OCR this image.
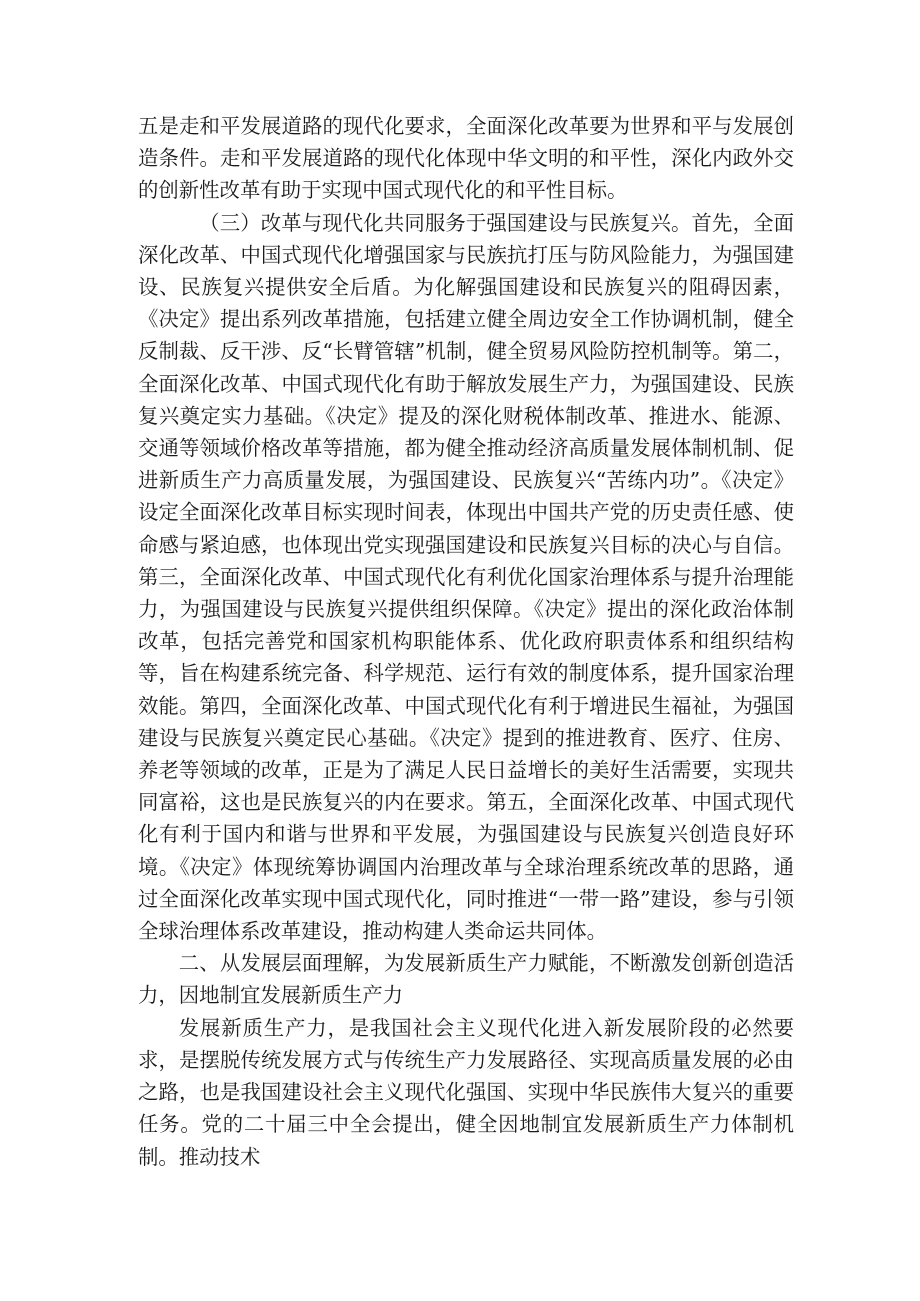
五是走和平发展道路的现代化要求，全面深化改革要为世界和平与发展创造条件。走和平发展道路的现代化体现中华文明的和平性，深化内政外交的创新性改革有助于实现中国式现代化的和平性目标。

（三）改革与现代化共同服务于强国建设与民族复兴。首先，全面深化改革、中国式现代化增强国家与民族抗打压与防风险能力，为强国建设、民族复兴提供安全后盾。为化解强国建设和民族复兴的阻碍因素，《决定》提出系列改革措施，包括建立健全周边安全工作协调机制，健全反制裁、反干涉、反“长臂管辖”机制，健全贸易风险防控机制等。第二，全面深化改革、中国式现代化有助于解放发展生产力，为强国建设、民族复兴奠定实力基础。《决定》提及的深化财税体制改革、推进水、能源、交通等领域价格改革等措施，都为健全推动经济高质量发展体制机制、促进新质生产力高质量发展，为强国建设、民族复兴“苦练内功”。《决定》设定全面深化改革目标实现时间表，体现出中国共产党的历史责任感、使命感与紧迫感，也体现出党实现强国建设和民族复兴目标的决心与自信。第三，全面深化改革、中国式现代化有利优化国家治理体系与提升治理能力，为强国建设与民族复兴提供组织保障。《决定》提出的深化政治体制改革，包括完善党和国家机构职能体系、优化政府职责体系和组织结构等，旨在构建系统完备、科学规范、运行有效的制度体系，提升国家治理效能。第四，全面深化改革、中国式现代化有利于增进民生福祉，为强国建设与民族复兴奠定民心基础。《决定》提到的推进教育、医疗、住房、养老等领域的改革，正是为了满足人民日益增长的美好生活需要，实现共同富裕，这也是民族复兴的内在要求。第五，全面深化改革、中国式现代化有利于国内和谐与世界和平发展，为强国建设与民族复兴创造良好环境。《决定》体现统筹协调国内治理改革与全球治理系统改革的思路，通过全面深化改革实现中国式现代化，同时推进“一带一路”建设，参与引领全球治理体系改革建设，推动构建人类命运共同体。

二、从发展层面理解，为发展新质生产力赋能，不断激发创新创造活力，因地制宜发展新质生产力

发展新质生产力，是我国社会主义现代化进入新发展阶段的必然要求，是摆脱传统发展方式与传统生产力发展路径、实现高质量发展的必由之路，也是我国建设社会主义现代化强国、实现中华民族伟大复兴的重要任务。党的二十届三中全会提出，健全因地制宜发展新质生产力体制机制。推动技术
